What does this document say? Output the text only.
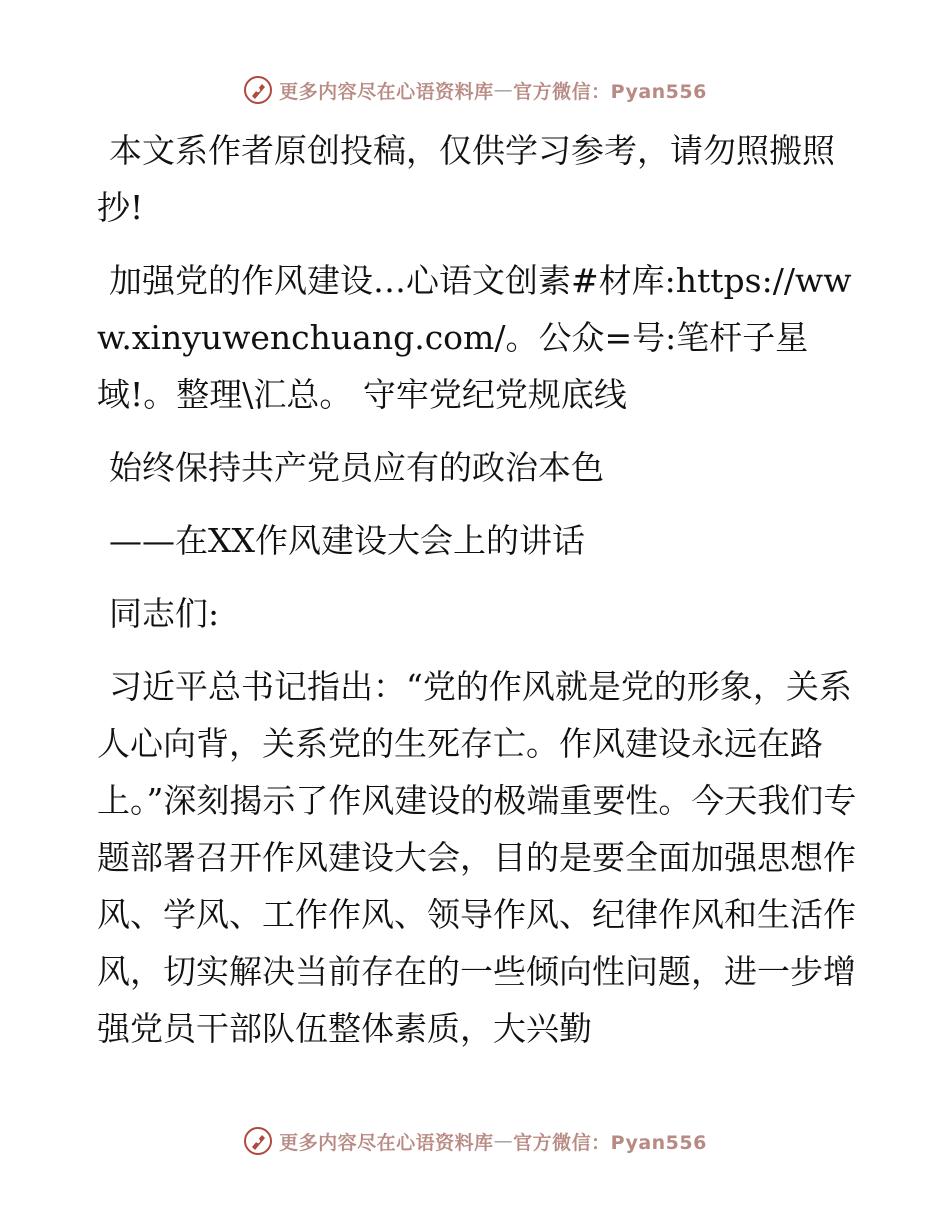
更多内容尽在心语资料库 — 官方微信：Pyan556

本文系作者原创投稿，仅供学习参考，请勿照搬照抄!

加强党的作风建设…心语文创素#材库:https://www.xinyuwenchuang.com/。公众=号:笔杆子星域!。整理\汇总。 守牢党纪党规底线

始终保持共产党员应有的政治本色

——在XX作风建设大会上的讲话

同志们:

习近平总书记指出：“党的作风就是党的形象，关系人心向背，关系党的生死存亡。作风建设永远在路上。”深刻揭示了作风建设的极端重要性。今天我们专题部署召开作风建设大会，目的是要全面加强思想作风、学风、工作作风、领导作风、纪律作风和生活作风，切实解决当前存在的一些倾向性问题，进一步增强党员干部队伍整体素质，大兴勤

更多内容尽在心语资料库 — 官方微信：Pyan556
